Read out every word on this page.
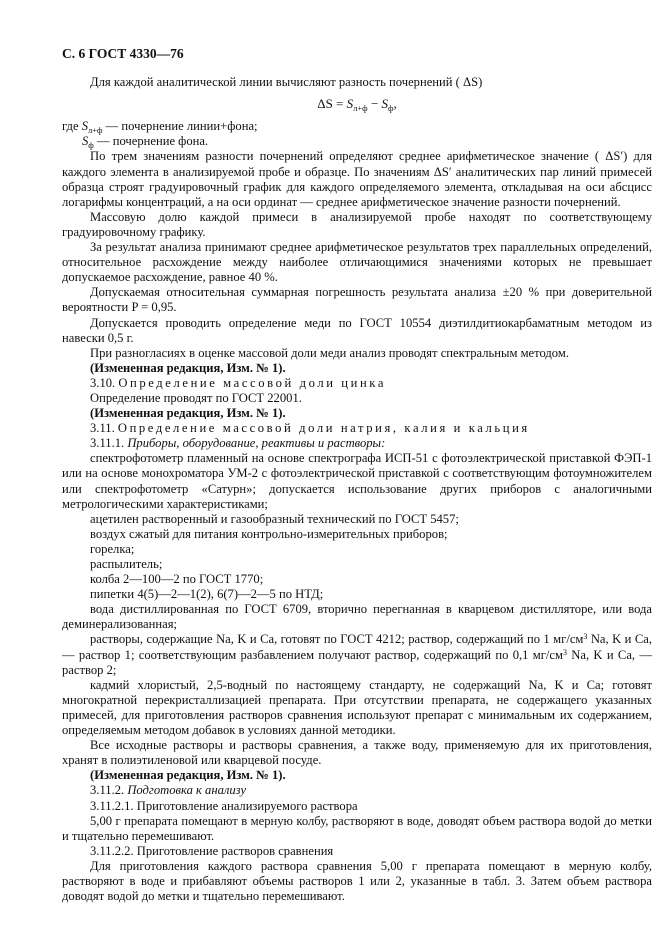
С. 6 ГОСТ 4330—76

Для каждой аналитической линии вычисляют разность почернений ( ΔS)

$\Delta S = S_{л+ф} - S_ф$,

где $S_{л+ф}$ — почернение линии+фона;

$S_ф$ — почернение фона.

По трем значениям разности почернений определяют среднее арифметическое значение ( ΔS′) для каждого элемента в анализируемой пробе и образце. По значениям ΔS′ аналитических пар линий примесей образца строят градуировочный график для каждого определяемого элемента, откладывая на оси абсцисс логарифмы концентраций, а на оси ординат — среднее арифметическое значение разности почернений.

Массовую долю каждой примеси в анализируемой пробе находят по соответствующему градуировочному графику.

За результат анализа принимают среднее арифметическое результатов трех параллельных определений, относительное расхождение между наиболее отличающимися значениями которых не превышает допускаемое расхождение, равное 40 %.

Допускаемая относительная суммарная погрешность результата анализа ±20 % при доверительной вероятности P = 0,95.

Допускается проводить определение меди по ГОСТ 10554 диэтилдитиокарбаматным методом из навески 0,5 г.

При разногласиях в оценке массовой доли меди анализ проводят спектральным методом.

(Измененная редакция, Изм. № 1).

3.10. Определение массовой доли цинка

Определение проводят по ГОСТ 22001.

(Измененная редакция, Изм. № 1).

3.11. Определение массовой доли натрия, калия и кальция

3.11.1. Приборы, оборудование, реактивы и растворы:

спектрофотометр пламенный на основе спектрографа ИСП-51 с фотоэлектрической приставкой ФЭП-1 или на основе монохроматора УМ-2 с фотоэлектрической приставкой с соответствующим фотоумножителем или спектрофотометр «Сатурн»; допускается использование других приборов с аналогичными метрологическими характеристиками;

ацетилен растворенный и газообразный технический по ГОСТ 5457;

воздух сжатый для питания контрольно-измерительных приборов;

горелка;

распылитель;

колба 2—100—2 по ГОСТ 1770;

пипетки 4(5)—2—1(2), 6(7)—2—5 по НТД;

вода дистиллированная по ГОСТ 6709, вторично перегнанная в кварцевом дистилляторе, или вода деминерализованная;

растворы, содержащие Na, K и Ca, готовят по ГОСТ 4212; раствор, содержащий по 1 $мг/см^3$ Na, K и Ca, — раствор 1; соответствующим разбавлением получают раствор, содержащий по 0,1 $мг/см^3$ Na, K и Ca, — раствор 2;

кадмий хлористый, 2,5-водный по настоящему стандарту, не содержащий Na, K и Ca; готовят многократной перекристаллизацией препарата. При отсутствии препарата, не содержащего указанных примесей, для приготовления растворов сравнения используют препарат с минимальным их содержанием, определяемым методом добавок в условиях данной методики.

Все исходные растворы и растворы сравнения, а также воду, применяемую для их приготовления, хранят в полиэтиленовой или кварцевой посуде.

(Измененная редакция, Изм. № 1).

3.11.2. Подготовка к анализу

3.11.2.1. Приготовление анализируемого раствора

5,00 г препарата помещают в мерную колбу, растворяют в воде, доводят объем раствора водой до метки и тщательно перемешивают.

3.11.2.2. Приготовление растворов сравнения

Для приготовления каждого раствора сравнения 5,00 г препарата помещают в мерную колбу, растворяют в воде и прибавляют объемы растворов 1 или 2, указанные в табл. 3. Затем объем раствора доводят водой до метки и тщательно перемешивают.
